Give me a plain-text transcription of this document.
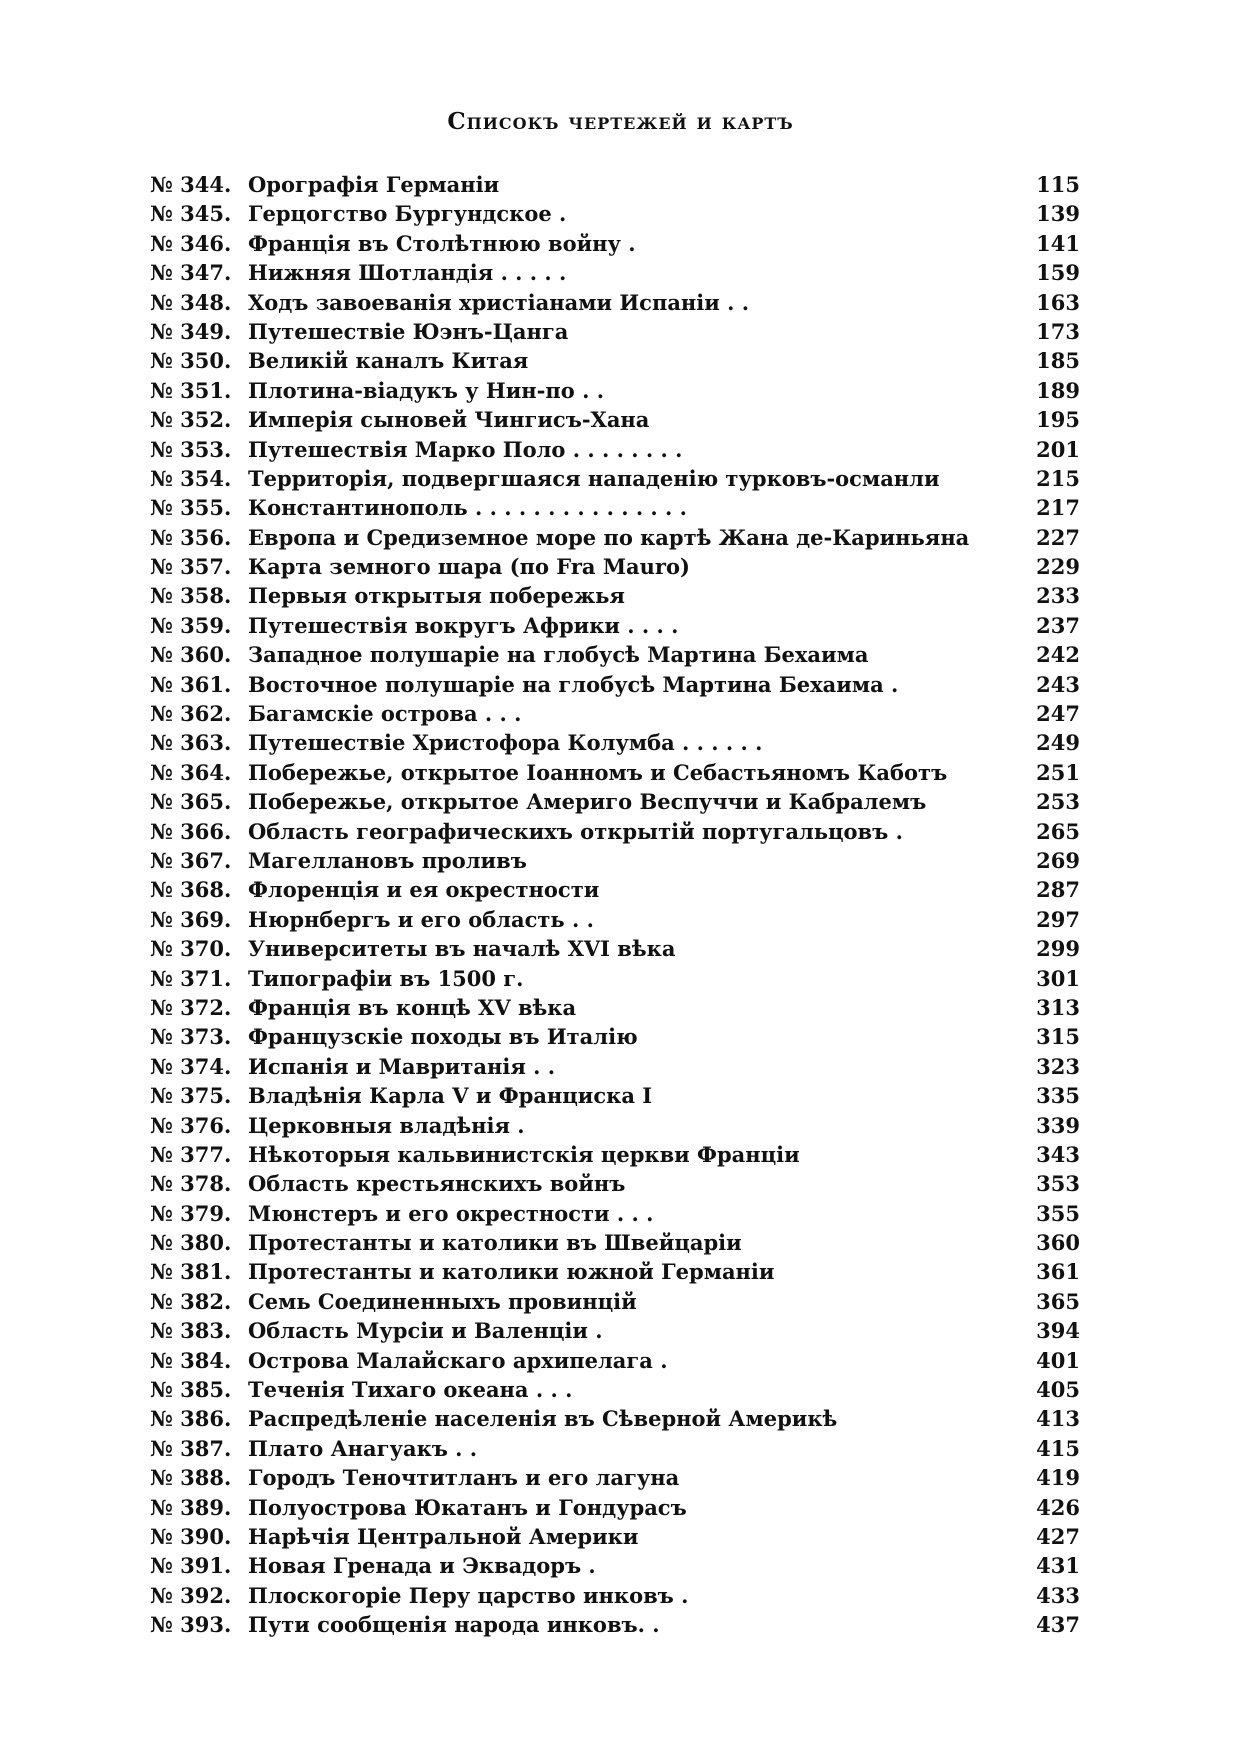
Списокъ чертежей и картъ
№ 344. Орографія Германіи	115
№ 345. Герцогство Бургундское .	139
№ 346. Франція въ Столѣтнюю войну .	141
№ 347. Нижняя Шотландія . . . . .	159
№ 348. Ходъ завоеванія христіанами Испаніи . .	163
№ 349. Путешествіе Юэнъ-Цанга	173
№ 350. Великій каналъ Китая	185
№ 351. Плотина-віадукъ у Нин-по . .	189
№ 352. Имперія сыновей Чингисъ-Хана	195
№ 353. Путешествія Марко Поло . . . . . . . .	201
№ 354. Территорія, подвергшаяся нападенію турковъ-османли	215
№ 355. Константинополь . . . . . . . . . . . . . . .	217
№ 356. Европа и Средиземное море по картѣ Жана де-Кариньяна	227
№ 357. Карта земного шара (по Fra Mauro)	229
№ 358. Первыя открытыя побережья	233
№ 359. Путешествія вокругъ Африки . . . .	237
№ 360. Западное полушаріе на глобусѣ Мартина Бехаима	242
№ 361. Восточное полушаріе на глобусѣ Мартина Бехаима .	243
№ 362. Багамскіе острова . . .	247
№ 363. Путешествіе Христофора Колумба . . . . . .	249
№ 364. Побережье, открытое Іоанномъ и Себастьяномъ Каботъ	251
№ 365. Побережье, открытое Америго Веспуччи и Кабралемъ	253
№ 366. Область географическихъ открытій португальцовъ .	265
№ 367. Магеллановъ проливъ	269
№ 368. Флоренція и ея окрестности	287
№ 369. Нюрнбергъ и его область . .	297
№ 370. Университеты въ началѣ XVI вѣка	299
№ 371. Типографіи въ 1500 г.	301
№ 372. Франція въ концѣ XV вѣка	313
№ 373. Французскіе походы въ Италію	315
№ 374. Испанія и Мавританія . .	323
№ 375. Владѣнія Карла V и Франциска I	335
№ 376. Церковныя владѣнія .	339
№ 377. Нѣкоторыя кальвинистскія церкви Франціи	343
№ 378. Область крестьянскихъ войнъ	353
№ 379. Мюнстеръ и его окрестности . . .	355
№ 380. Протестанты и католики въ Швейцаріи	360
№ 381. Протестанты и католики южной Германіи	361
№ 382. Семь Соединенныхъ провинцій	365
№ 383. Область Мурсіи и Валенціи .	394
№ 384. Острова Малайскаго архипелага .	401
№ 385. Теченія Тихаго океана . . .	405
№ 386. Распредѣленіе населенія въ Сѣверной Америкѣ	413
№ 387. Плато Анагуакъ . .	415
№ 388. Городъ Теночтитланъ и его лагуна	419
№ 389. Полуострова Юкатанъ и Гондурасъ	426
№ 390. Нарѣчія Центральной Америки	427
№ 391. Новая Гренада и Эквадоръ .	431
№ 392. Плоскогоріе Перу царство инковъ .	433
№ 393. Пути сообщенія народа инковъ. .	437
